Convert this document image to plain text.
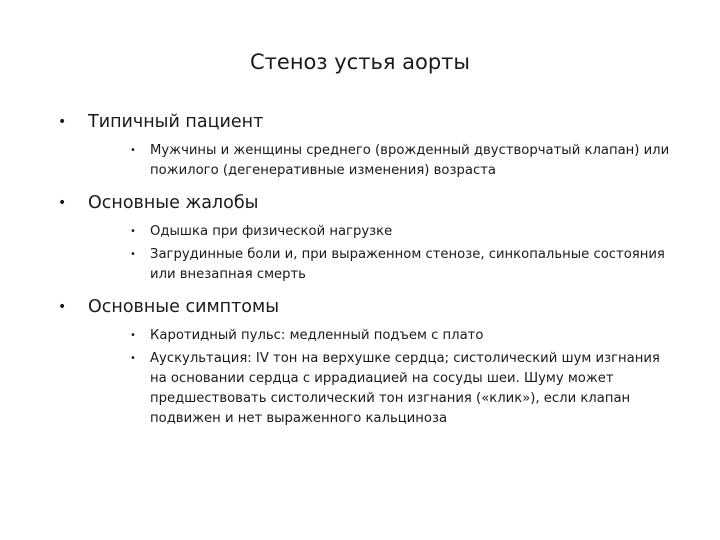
Стеноз устья аорты
•	Типичный пациент
•	Мужчины и женщины среднего (врожденный двустворчатый клапан) или пожилого (дегенеративные изменения) возраста
•	Основные жалобы
•	Одышка при физической нагрузке
•	Загрудинные боли и, при выраженном стенозе, синкопальные состояния или внезапная смерть
•	Основные симптомы
•	Каротидный пульс: медленный подъем с плато
•	Аускультация: IV тон на верхушке сердца; систолический шум изгнания на основании сердца с иррадиацией на сосуды шеи. Шуму может предшествовать систолический тон изгнания («клик»), если клапан подвижен и нет выраженного кальциноза
